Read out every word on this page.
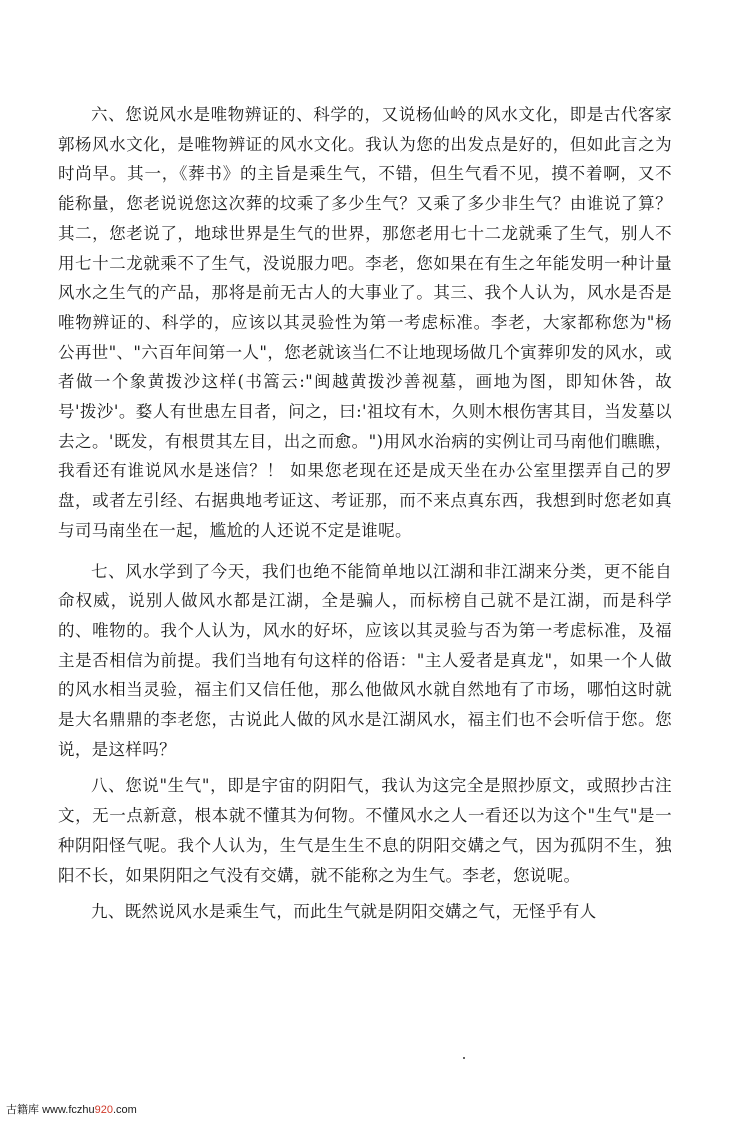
六、您说风水是唯物辨证的、科学的，又说杨仙岭的风水文化，即是古代客家郭杨风水文化，是唯物辨证的风水文化。我认为您的出发点是好的，但如此言之为时尚早。其一，《葬书》的主旨是乘生气，不错，但生气看不见，摸不着啊，又不能称量，您老说说您这次葬的坟乘了多少生气？又乘了多少非生气？由谁说了算？ 其二，您老说了，地球世界是生气的世界，那您老用七十二龙就乘了生气，别人不用七十二龙就乘不了生气，没说服力吧。李老，您如果在有生之年能发明一种计量风水之生气的产品，那将是前无古人的大事业了。其三、我个人认为，风水是否是唯物辨证的、科学的，应该以其灵验性为第一考虑标准。李老，大家都称您为"杨公再世"、"六百年间第一人"，您老就该当仁不让地现场做几个寅葬卯发的风水，或者做一个象黄拨沙这样(书篙云:"闽越黄拨沙善视墓，画地为图，即知休咎，故号'拨沙'。婺人有世患左目者，问之，曰:'祖坟有木，久则木根伤害其目，当发墓以去之。'既发，有根贯其左目，出之而愈。")用风水治病的实例让司马南他们瞧瞧，我看还有谁说风水是迷信？！ 如果您老现在还是成天坐在办公室里摆弄自己的罗盘，或者左引经、右据典地考证这、考证那，而不来点真东西，我想到时您老如真与司马南坐在一起，尴尬的人还说不定是谁呢。

七、风水学到了今天，我们也绝不能简单地以江湖和非江湖来分类，更不能自命权威，说别人做风水都是江湖，全是骗人，而标榜自己就不是江湖，而是科学的、唯物的。我个人认为，风水的好坏，应该以其灵验与否为第一考虑标准，及福主是否相信为前提。我们当地有句这样的俗语："主人爱者是真龙"，如果一个人做的风水相当灵验，福主们又信任他，那么他做风水就自然地有了市场，哪怕这时就是大名鼎鼎的李老您，古说此人做的风水是江湖风水，福主们也不会听信于您。您说，是这样吗？

八、您说"生气"，即是宇宙的阴阳气，我认为这完全是照抄原文，或照抄古注文，无一点新意，根本就不懂其为何物。不懂风水之人一看还以为这个"生气"是一种阴阳怪气呢。我个人认为，生气是生生不息的阴阳交媾之气，因为孤阴不生，独阳不长，如果阴阳之气没有交媾，就不能称之为生气。李老，您说呢。

九、既然说风水是乘生气，而此生气就是阴阳交媾之气，无怪乎有人

古籍库 www.fczhu920.com
